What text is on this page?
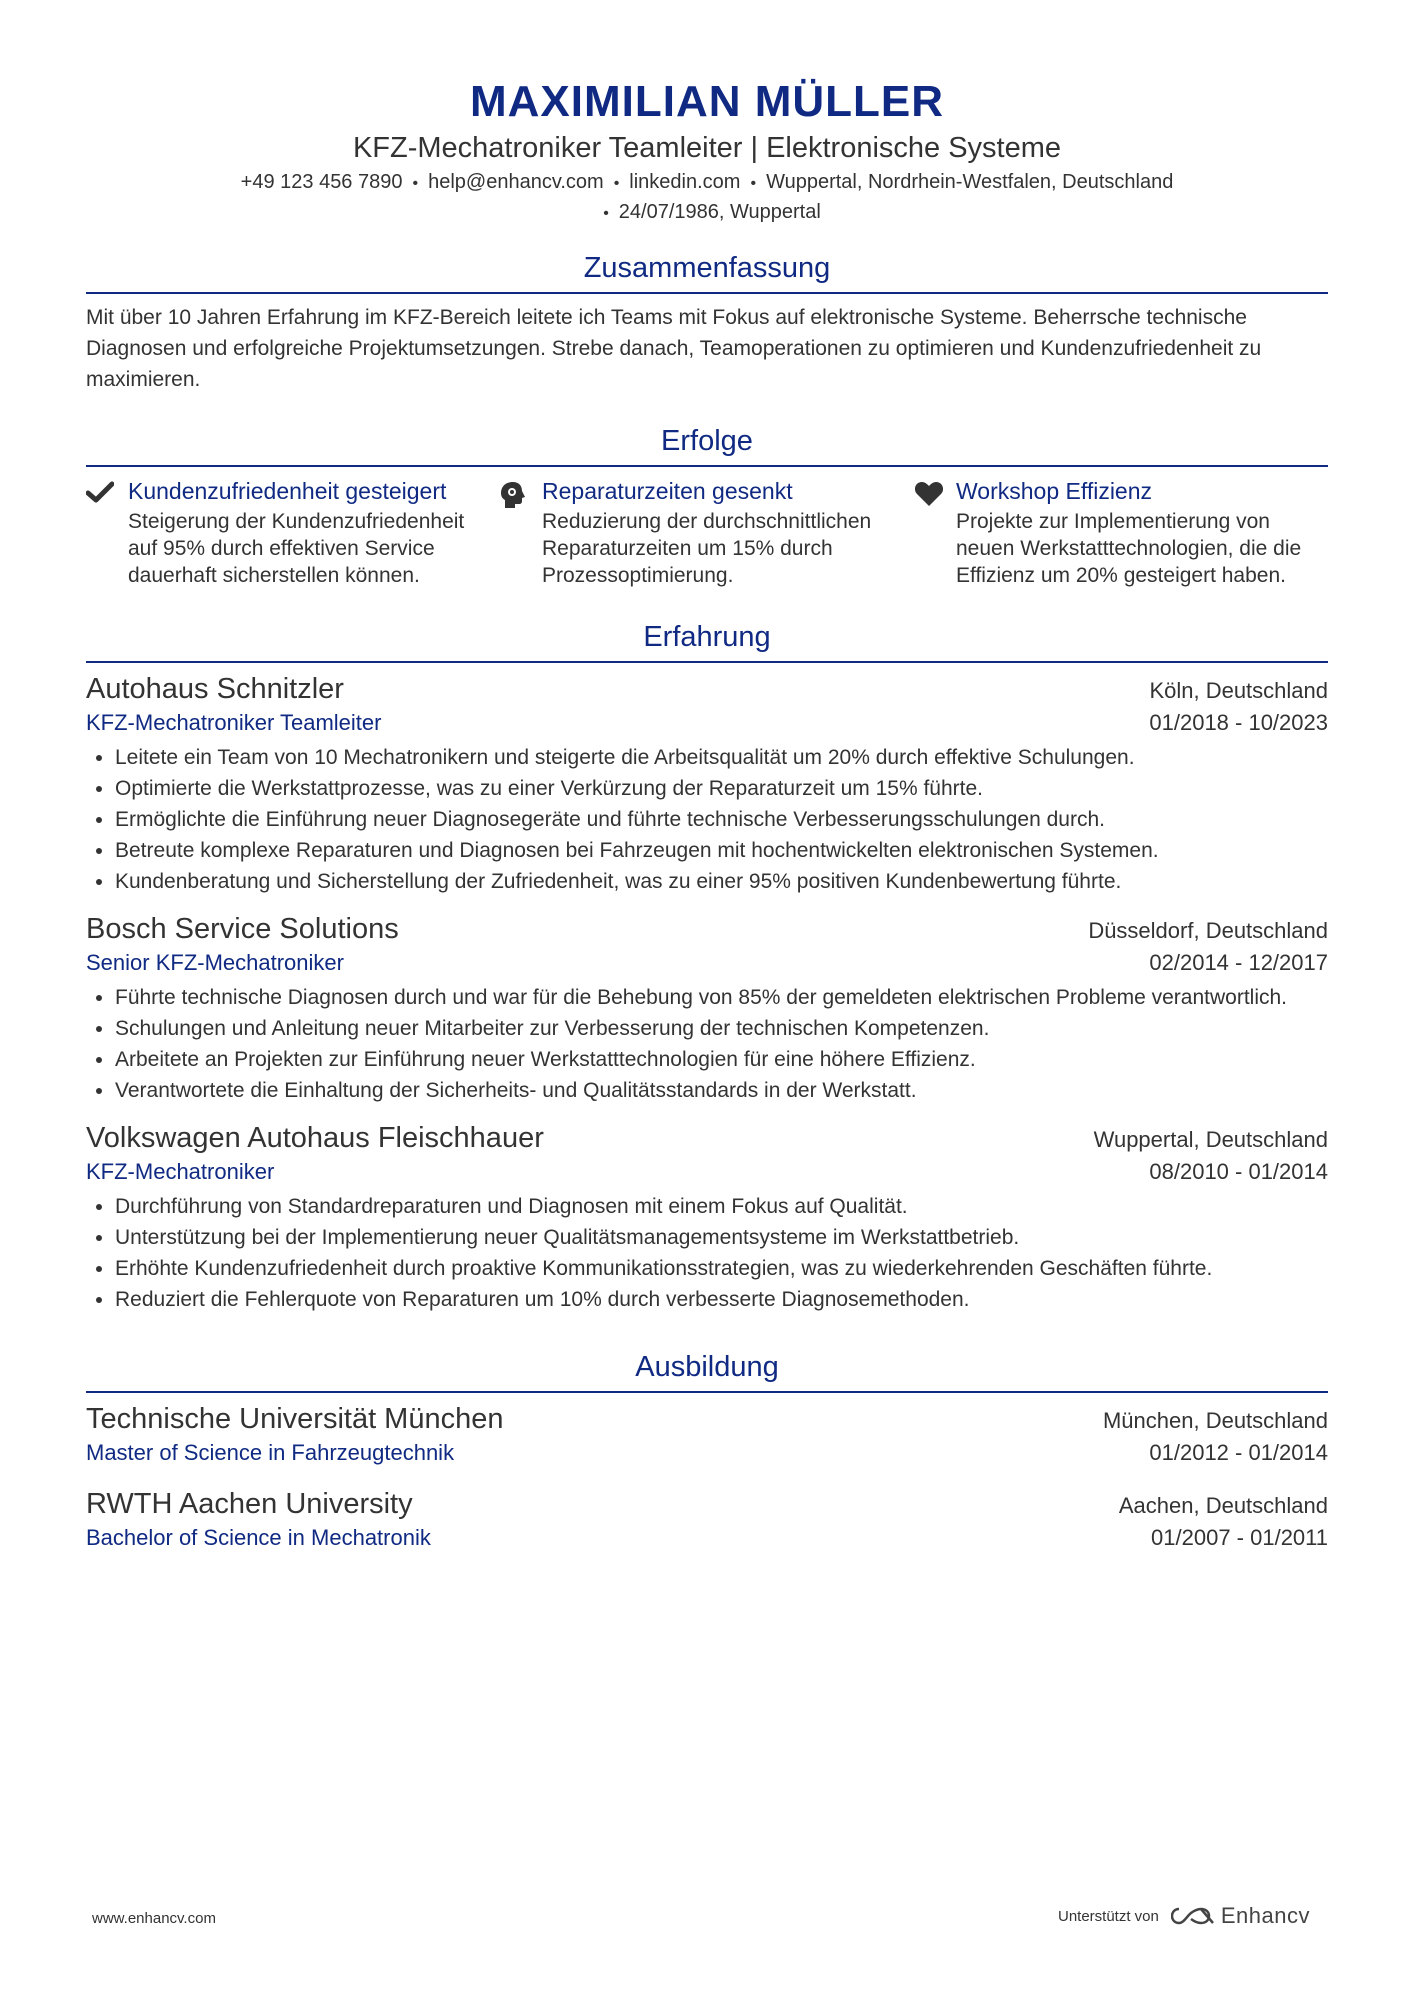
MAXIMILIAN MÜLLER
KFZ-Mechatroniker Teamleiter | Elektronische Systeme
+49 123 456 7890 • help@enhancv.com • linkedin.com • Wuppertal, Nordrhein-Westfalen, Deutschland
• 24/07/1986, Wuppertal
Zusammenfassung
Mit über 10 Jahren Erfahrung im KFZ-Bereich leitete ich Teams mit Fokus auf elektronische Systeme. Beherrsche technische Diagnosen und erfolgreiche Projektumsetzungen. Strebe danach, Teamoperationen zu optimieren und Kundenzufriedenheit zu maximieren.
Erfolge
Kundenzufriedenheit gesteigert
Steigerung der Kundenzufriedenheit auf 95% durch effektiven Service dauerhaft sicherstellen können.
Reparaturzeiten gesenkt
Reduzierung der durchschnittlichen Reparaturzeiten um 15% durch Prozessoptimierung.
Workshop Effizienz
Projekte zur Implementierung von neuen Werkstatttechnologien, die die Effizienz um 20% gesteigert haben.
Erfahrung
Autohaus Schnitzler	Köln, Deutschland
KFZ-Mechatroniker Teamleiter	01/2018 - 10/2023
• Leitete ein Team von 10 Mechatronikern und steigerte die Arbeitsqualität um 20% durch effektive Schulungen.
• Optimierte die Werkstattprozesse, was zu einer Verkürzung der Reparaturzeit um 15% führte.
• Ermöglichte die Einführung neuer Diagnosegeräte und führte technische Verbesserungsschulungen durch.
• Betreute komplexe Reparaturen und Diagnosen bei Fahrzeugen mit hochentwickelten elektronischen Systemen.
• Kundenberatung und Sicherstellung der Zufriedenheit, was zu einer 95% positiven Kundenbewertung führte.
Bosch Service Solutions	Düsseldorf, Deutschland
Senior KFZ-Mechatroniker	02/2014 - 12/2017
• Führte technische Diagnosen durch und war für die Behebung von 85% der gemeldeten elektrischen Probleme verantwortlich.
• Schulungen und Anleitung neuer Mitarbeiter zur Verbesserung der technischen Kompetenzen.
• Arbeitete an Projekten zur Einführung neuer Werkstatttechnologien für eine höhere Effizienz.
• Verantwortete die Einhaltung der Sicherheits- und Qualitätsstandards in der Werkstatt.
Volkswagen Autohaus Fleischhauer	Wuppertal, Deutschland
KFZ-Mechatroniker	08/2010 - 01/2014
• Durchführung von Standardreparaturen und Diagnosen mit einem Fokus auf Qualität.
• Unterstützung bei der Implementierung neuer Qualitätsmanagementsysteme im Werkstattbetrieb.
• Erhöhte Kundenzufriedenheit durch proaktive Kommunikationsstrategien, was zu wiederkehrenden Geschäften führte.
• Reduziert die Fehlerquote von Reparaturen um 10% durch verbesserte Diagnosemethoden.
Ausbildung
Technische Universität München	München, Deutschland
Master of Science in Fahrzeugtechnik	01/2012 - 01/2014
RWTH Aachen University	Aachen, Deutschland
Bachelor of Science in Mechatronik	01/2007 - 01/2011
www.enhancv.com	Unterstützt von	Enhancv
